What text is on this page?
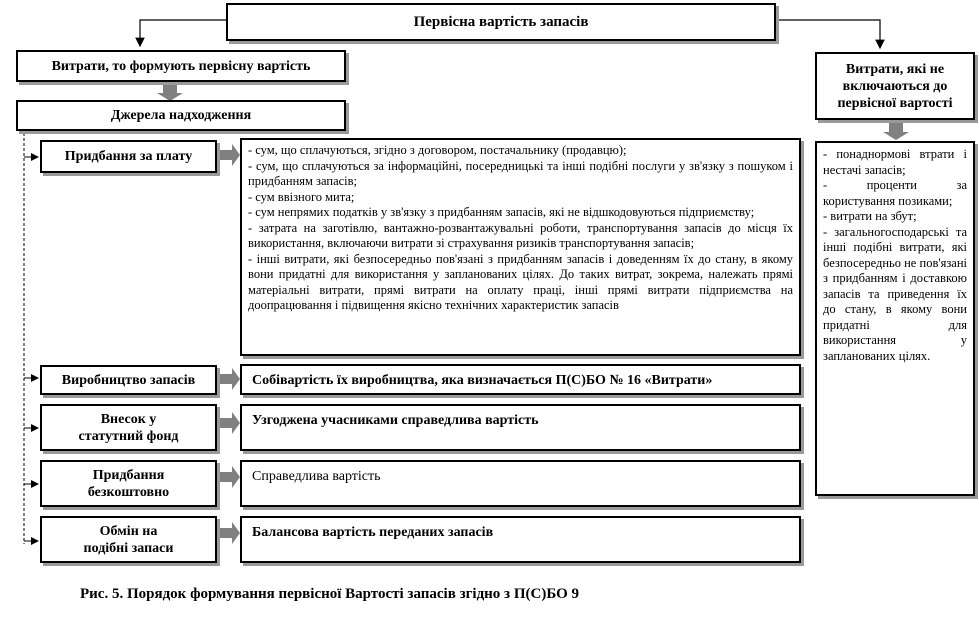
Первісна вартість запасів
Витрати, то формують первісну вартість	Витрати, які не включаються до первісної вартості
Джерела надходження
Придбання за плату
Виробництво запасів
Внесок у статутний фонд
Придбання безкоштовно
Обмін на подібні запаси
- сум, що сплачуються, згідно з договором, постачальнику (продавцю);
- сум, що сплачуються за інформаційні, посередницькі та інші подібні послуги у зв'язку з пошуком і придбанням запасів;
- сум ввізного мита;
- сум непрямих податків у зв'язку з придбанням запасів, які не відшкодовуються підприємству;
- затрата на заготівлю, вантажно-розвантажувальні роботи, транспортування запасів до місця їх використання, включаючи витрати зі страхування ризиків транспортування запасів;
- інші витрати, які безпосередньо пов'язані з придбанням запасів і доведенням їх до стану, в якому вони придатні для використання у запланованих цілях. До таких витрат, зокрема, належать прямі матеріальні витрати, прямі витрати на оплату праці, інші прямі витрати підприємства на доопрацювання і підвищення якісно технічних характеристик запасів
Собівартість їх виробництва, яка визначається П(С)БО № 16 «Витрати»
Узгоджена учасниками справедлива вартість
Справедлива вартість
Балансова вартість переданих запасів
- понаднормові втрати і нестачі запасів;
- проценти за користування позиками;
- витрати на збут;
- загальногосподарські та інші подібні витрати, які безпосередньо не пов'язані з придбанням і доставкою запасів та приведення їх до стану, в якому вони придатні для використання у запланованих цілях.
Рис. 5. Порядок формування первісної Вартості запасів згідно з П(С)БО 9
